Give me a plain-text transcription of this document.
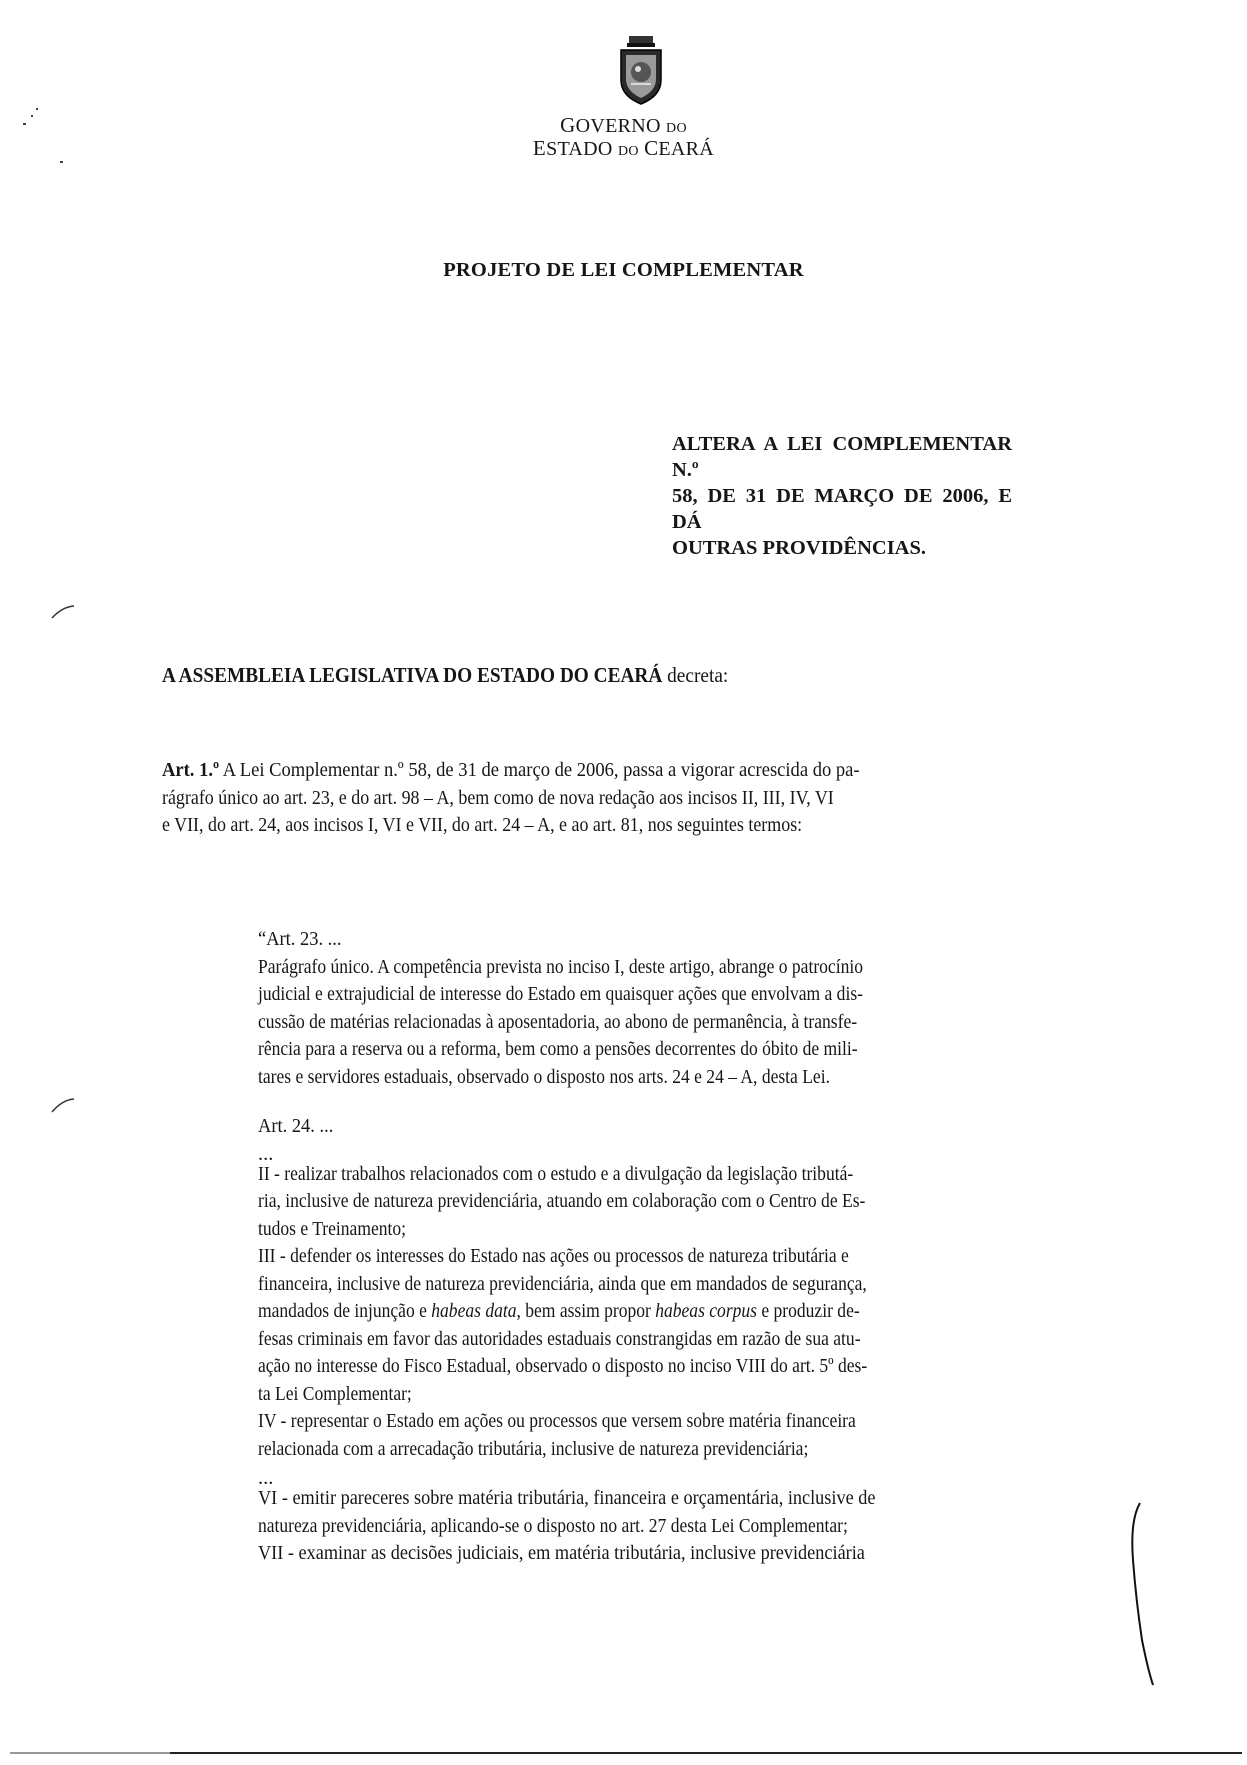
GOVERNO DO
ESTADO DO CEARÁ
PROJETO DE LEI COMPLEMENTAR
ALTERA A LEI COMPLEMENTAR N.º
58, DE 31 DE MARÇO DE 2006, E DÁ
OUTRAS PROVIDÊNCIAS.
A ASSEMBLEIA LEGISLATIVA DO ESTADO DO CEARÁ decreta:
Art. 1.º A Lei Complementar n.º 58, de 31 de março de 2006, passa a vigorar acrescida do pa-
rágrafo único ao art. 23, e do art. 98 – A, bem como de nova redação aos incisos II, III, IV, VI
e VII, do art. 24, aos incisos I, VI e VII, do art. 24 – A, e ao art. 81, nos seguintes termos:
“Art. 23. ...
Parágrafo único. A competência prevista no inciso I, deste artigo, abrange o patrocínio
judicial e extrajudicial de interesse do Estado em quaisquer ações que envolvam a dis-
cussão de matérias relacionadas à aposentadoria, ao abono de permanência, à transfe-
rência para a reserva ou a reforma, bem como a pensões decorrentes do óbito de mili-
tares e servidores estaduais, observado o disposto nos arts. 24 e 24 – A, desta Lei.
Art. 24. ...
...
II - realizar trabalhos relacionados com o estudo e a divulgação da legislação tributá-
ria, inclusive de natureza previdenciária, atuando em colaboração com o Centro de Es-
tudos e Treinamento;
III - defender os interesses do Estado nas ações ou processos de natureza tributária e
financeira, inclusive de natureza previdenciária, ainda que em mandados de segurança,
mandados de injunção e habeas data, bem assim propor habeas corpus e produzir de-
fesas criminais em favor das autoridades estaduais constrangidas em razão de sua atu-
ação no interesse do Fisco Estadual, observado o disposto no inciso VIII do art. 5º des-
ta Lei Complementar;
IV - representar o Estado em ações ou processos que versem sobre matéria financeira
relacionada com a arrecadação tributária, inclusive de natureza previdenciária;
...
VI - emitir pareceres sobre matéria tributária, financeira e orçamentária, inclusive de
natureza previdenciária, aplicando-se o disposto no art. 27 desta Lei Complementar;
VII - examinar as decisões judiciais, em matéria tributária, inclusive previdenciária
